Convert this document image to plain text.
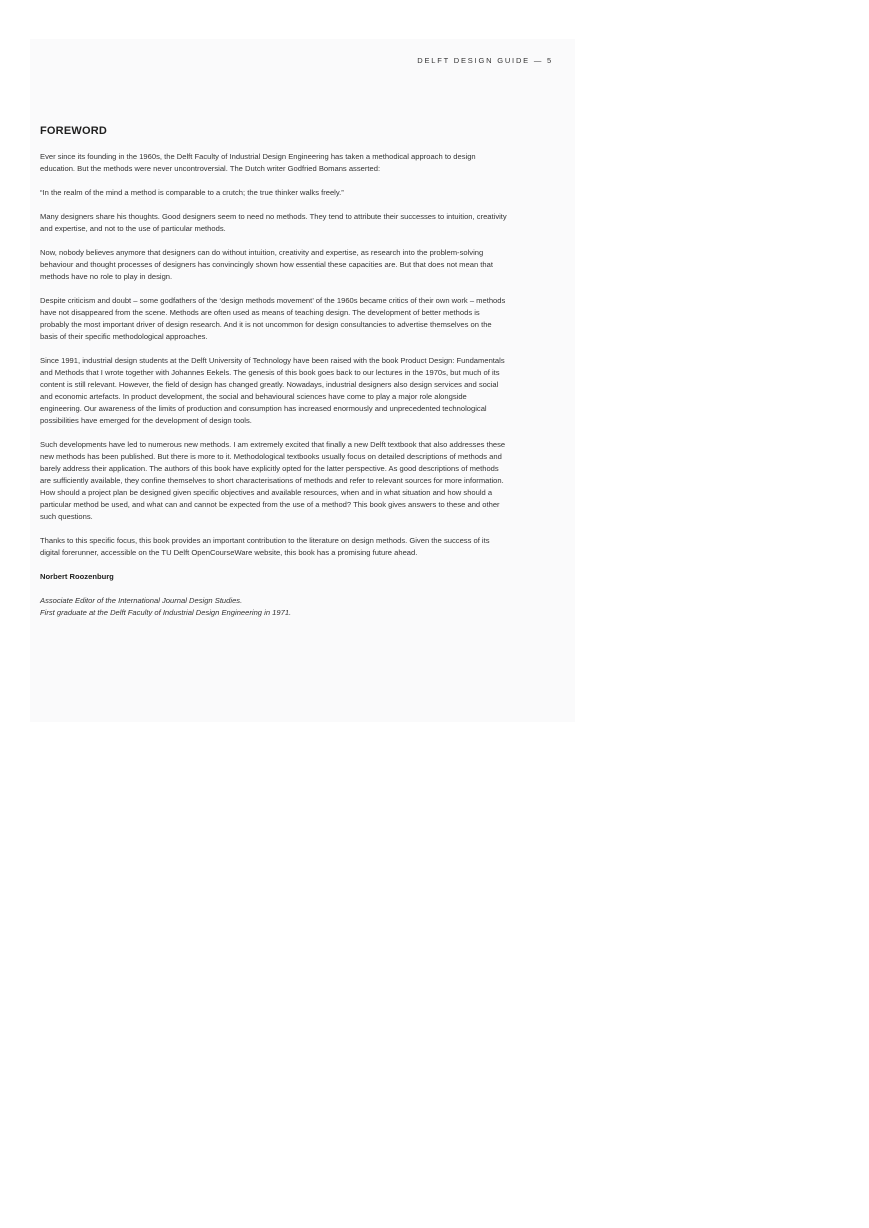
DELFT DESIGN GUIDE — 5
FOREWORD

Ever since its founding in the 1960s, the Delft Faculty of Industrial Design Engineering has taken a methodical approach to design education. But the methods were never uncontroversial. The Dutch writer Godfried Bomans asserted:

“In the realm of the mind a method is comparable to a crutch; the true thinker walks freely.”

Many designers share his thoughts. Good designers seem to need no methods. They tend to attribute their successes to intuition, creativity and expertise, and not to the use of particular methods.

Now, nobody believes anymore that designers can do without intuition, creativity and expertise, as research into the problem-solving behaviour and thought processes of designers has convincingly shown how essential these capacities are. But that does not mean that methods have no role to play in design.

Despite criticism and doubt – some godfathers of the ‘design methods movement’ of the 1960s became critics of their own work – methods have not disappeared from the scene. Methods are often used as means of teaching design. The development of better methods is probably the most important driver of design research. And it is not uncommon for design consultancies to advertise themselves on the basis of their specific methodological approaches.

Since 1991, industrial design students at the Delft University of Technology have been raised with the book Product Design: Fundamentals and Methods that I wrote together with Johannes Eekels. The genesis of this book goes back to our lectures in the 1970s, but much of its content is still relevant. However, the field of design has changed greatly. Nowadays, industrial designers also design services and social and economic artefacts. In product development, the social and behavioural sciences have come to play a major role alongside engineering. Our awareness of the limits of production and consumption has increased enormously and unprecedented technological possibilities have emerged for the development of design tools.

Such developments have led to numerous new methods. I am extremely excited that finally a new Delft textbook that also addresses these new methods has been published. But there is more to it. Methodological textbooks usually focus on detailed descriptions of methods and barely address their application. The authors of this book have explicitly opted for the latter perspective. As good descriptions of methods are sufficiently available, they confine themselves to short characterisations of methods and refer to relevant sources for more information. How should a project plan be designed given specific objectives and available resources, when and in what situation and how should a particular method be used, and what can and cannot be expected from the use of a method? This book gives answers to these and other such questions.

Thanks to this specific focus, this book provides an important contribution to the literature on design methods. Given the success of its digital forerunner, accessible on the TU Delft OpenCourseWare website, this book has a promising future ahead.

Norbert Roozenburg

Associate Editor of the International Journal Design Studies.

First graduate at the Delft Faculty of Industrial Design Engineering in 1971.
